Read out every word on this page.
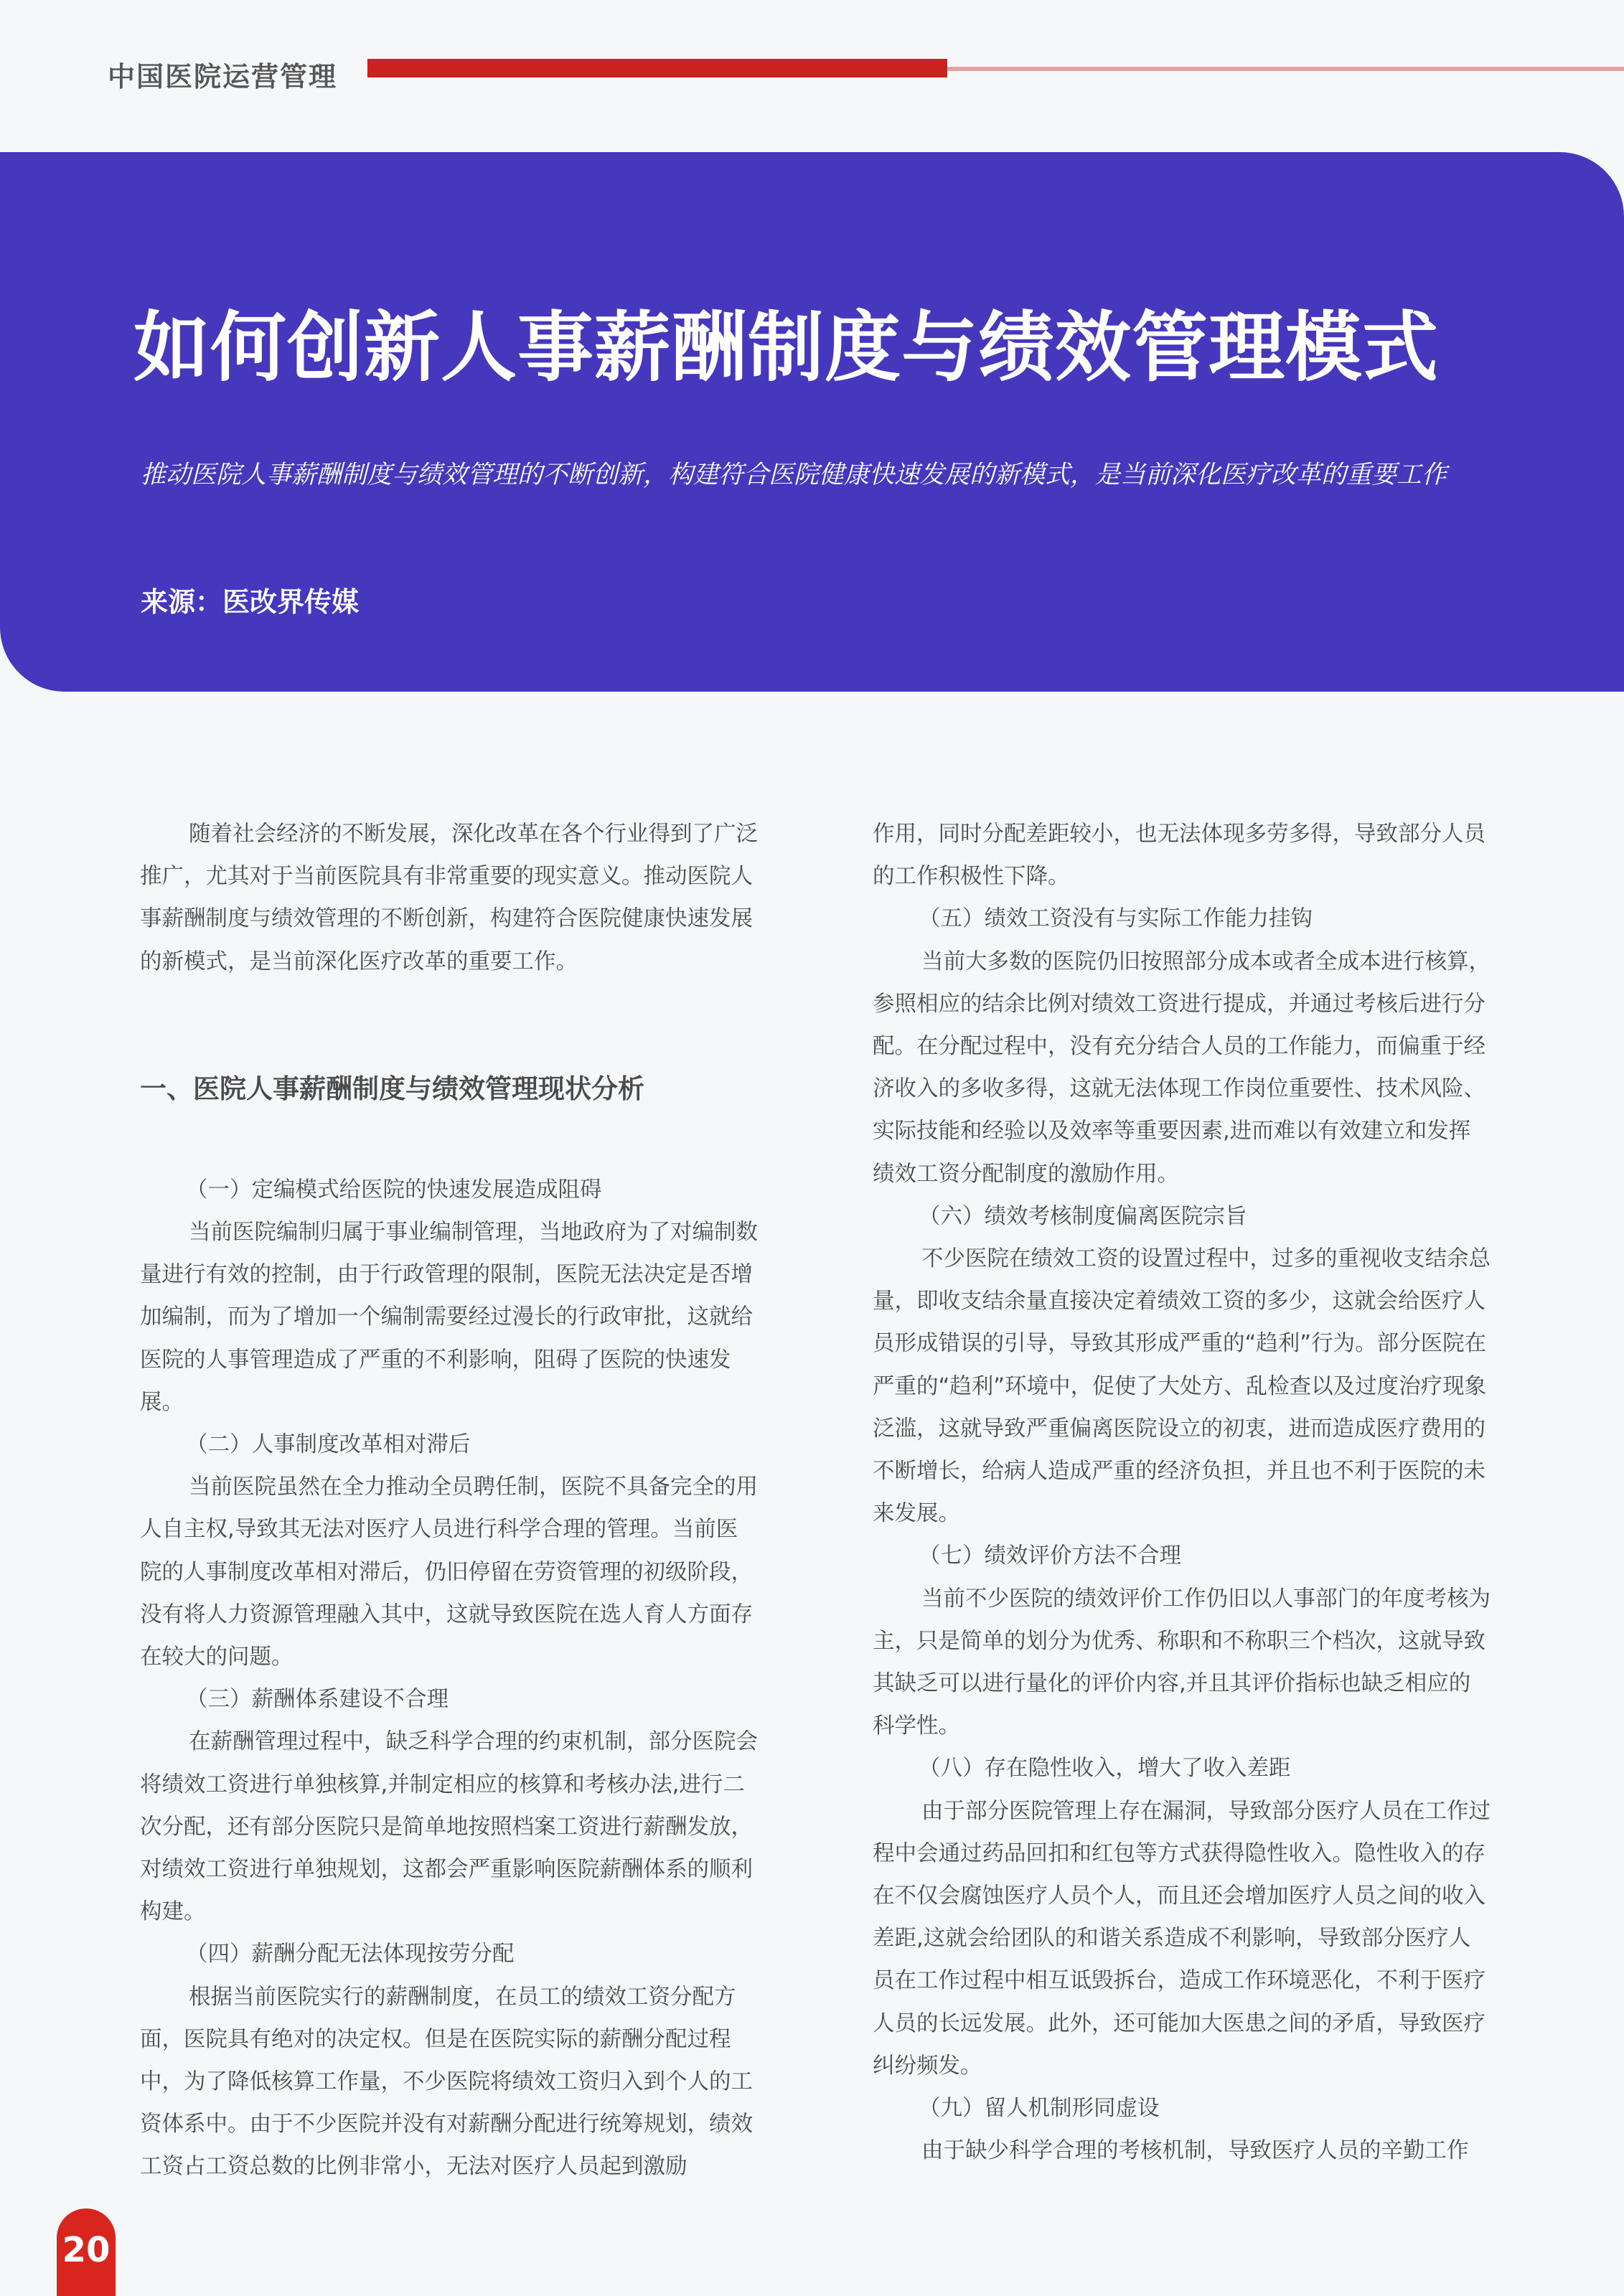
中国医院运营管理
如何创新人事薪酬制度与绩效管理模式
推动医院人事薪酬制度与绩效管理的不断创新，构建符合医院健康快速发展的新模式，是当前深化医疗改革的重要工作
来源：医改界传媒

随着社会经济的不断发展，深化改革在各个行业得到了广泛推广，尤其对于当前医院具有非常重要的现实意义。推动医院人事薪酬制度与绩效管理的不断创新，构建符合医院健康快速发展的新模式，是当前深化医疗改革的重要工作。

一、医院人事薪酬制度与绩效管理现状分析

（一）定编模式给医院的快速发展造成阻碍

当前医院编制归属于事业编制管理，当地政府为了对编制数量进行有效的控制，由于行政管理的限制，医院无法决定是否增加编制，而为了增加一个编制需要经过漫长的行政审批，这就给医院的人事管理造成了严重的不利影响，阻碍了医院的快速发展。

（二）人事制度改革相对滞后

当前医院虽然在全力推动全员聘任制，医院不具备完全的用人自主权,导致其无法对医疗人员进行科学合理的管理。当前医院的人事制度改革相对滞后，仍旧停留在劳资管理的初级阶段，没有将人力资源管理融入其中，这就导致医院在选人育人方面存在较大的问题。

（三）薪酬体系建设不合理

在薪酬管理过程中，缺乏科学合理的约束机制，部分医院会将绩效工资进行单独核算,并制定相应的核算和考核办法,进行二次分配，还有部分医院只是简单地按照档案工资进行薪酬发放，对绩效工资进行单独规划，这都会严重影响医院薪酬体系的顺利构建。

（四）薪酬分配无法体现按劳分配

根据当前医院实行的薪酬制度，在员工的绩效工资分配方面，医院具有绝对的决定权。但是在医院实际的薪酬分配过程中，为了降低核算工作量，不少医院将绩效工资归入到个人的工资体系中。由于不少医院并没有对薪酬分配进行统筹规划，绩效工资占工资总数的比例非常小，无法对医疗人员起到激励

作用，同时分配差距较小，也无法体现多劳多得，导致部分人员的工作积极性下降。

（五）绩效工资没有与实际工作能力挂钩

当前大多数的医院仍旧按照部分成本或者全成本进行核算，参照相应的结余比例对绩效工资进行提成，并通过考核后进行分配。在分配过程中，没有充分结合人员的工作能力，而偏重于经济收入的多收多得，这就无法体现工作岗位重要性、技术风险、实际技能和经验以及效率等重要因素,进而难以有效建立和发挥绩效工资分配制度的激励作用。

（六）绩效考核制度偏离医院宗旨

不少医院在绩效工资的设置过程中，过多的重视收支结余总量，即收支结余量直接决定着绩效工资的多少，这就会给医疗人员形成错误的引导，导致其形成严重的“趋利”行为。部分医院在严重的“趋利”环境中，促使了大处方、乱检查以及过度治疗现象泛滥，这就导致严重偏离医院设立的初衷，进而造成医疗费用的不断增长，给病人造成严重的经济负担，并且也不利于医院的未来发展。

（七）绩效评价方法不合理

当前不少医院的绩效评价工作仍旧以人事部门的年度考核为主，只是简单的划分为优秀、称职和不称职三个档次，这就导致其缺乏可以进行量化的评价内容,并且其评价指标也缺乏相应的科学性。

（八）存在隐性收入，增大了收入差距

由于部分医院管理上存在漏洞，导致部分医疗人员在工作过程中会通过药品回扣和红包等方式获得隐性收入。隐性收入的存在不仅会腐蚀医疗人员个人，而且还会增加医疗人员之间的收入差距,这就会给团队的和谐关系造成不利影响，导致部分医疗人员在工作过程中相互诋毁拆台，造成工作环境恶化，不利于医疗人员的长远发展。此外，还可能加大医患之间的矛盾，导致医疗纠纷频发。

（九）留人机制形同虚设

由于缺少科学合理的考核机制，导致医疗人员的辛勤工作

20
